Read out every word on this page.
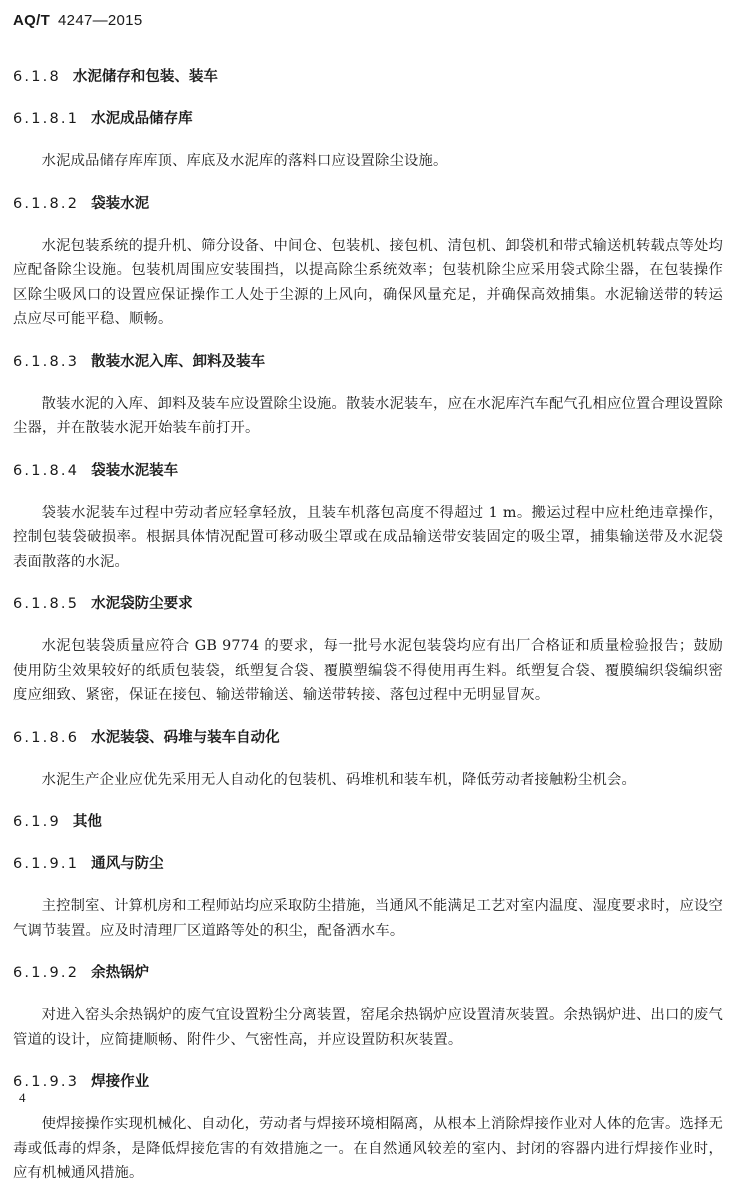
AQ/T 4247—2015
6.1.8 水泥储存和包装、装车
6.1.8.1 水泥成品储存库

水泥成品储存库库顶、库底及水泥库的落料口应设置除尘设施。

6.1.8.2 袋装水泥

水泥包装系统的提升机、筛分设备、中间仓、包装机、接包机、清包机、卸袋机和带式输送机转载点等处均应配备除尘设施。包装机周围应安装围挡，以提高除尘系统效率；包装机除尘应采用袋式除尘器，在包装操作区除尘吸风口的设置应保证操作工人处于尘源的上风向，确保风量充足，并确保高效捕集。水泥输送带的转运点应尽可能平稳、顺畅。

6.1.8.3 散装水泥入库、卸料及装车

散装水泥的入库、卸料及装车应设置除尘设施。散装水泥装车，应在水泥库汽车配气孔相应位置合理设置除尘器，并在散装水泥开始装车前打开。

6.1.8.4 袋装水泥装车

袋装水泥装车过程中劳动者应轻拿轻放，且装车机落包高度不得超过 1 m。搬运过程中应杜绝违章操作，控制包装袋破损率。根据具体情况配置可移动吸尘罩或在成品输送带安装固定的吸尘罩，捕集输送带及水泥袋表面散落的水泥。

6.1.8.5 水泥袋防尘要求

水泥包装袋质量应符合 GB 9774 的要求，每一批号水泥包装袋均应有出厂合格证和质量检验报告；鼓励使用防尘效果较好的纸质包装袋，纸塑复合袋、覆膜塑编袋不得使用再生料。纸塑复合袋、覆膜编织袋编织密度应细致、紧密，保证在接包、输送带输送、输送带转接、落包过程中无明显冒灰。

6.1.8.6 水泥装袋、码堆与装车自动化

水泥生产企业应优先采用无人自动化的包装机、码堆机和装车机，降低劳动者接触粉尘机会。

6.1.9 其他
6.1.9.1 通风与防尘

主控制室、计算机房和工程师站均应采取防尘措施，当通风不能满足工艺对室内温度、湿度要求时，应设空气调节装置。应及时清理厂区道路等处的积尘，配备洒水车。

6.1.9.2 余热锅炉

对进入窑头余热锅炉的废气宜设置粉尘分离装置，窑尾余热锅炉应设置清灰装置。余热锅炉进、出口的废气管道的设计，应简捷顺畅、附件少、气密性高，并应设置防积灰装置。

6.1.9.3 焊接作业

使焊接操作实现机械化、自动化，劳动者与焊接环境相隔离，从根本上消除焊接作业对人体的危害。选择无毒或低毒的焊条，是降低焊接危害的有效措施之一。在自然通风较差的室内、封闭的容器内进行焊接作业时，应有机械通风措施。

4
